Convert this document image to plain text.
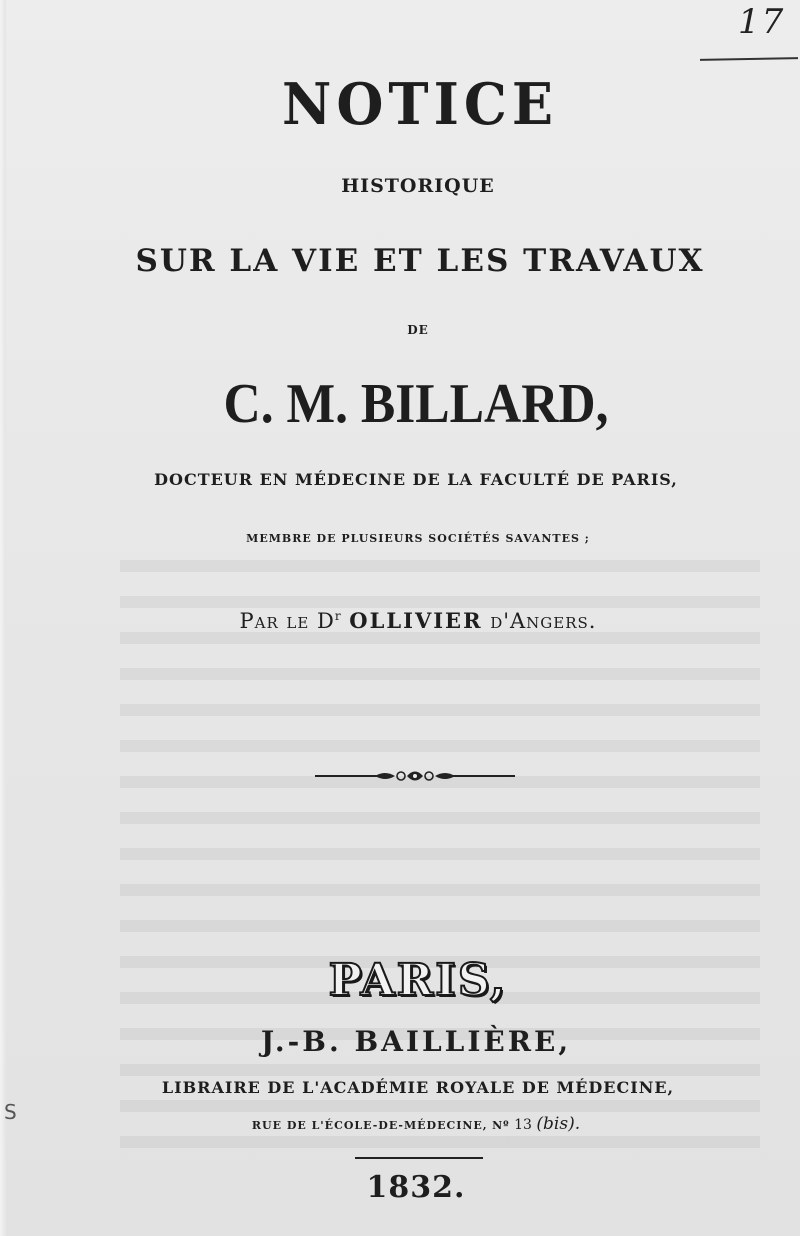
17
NOTICE
HISTORIQUE
SUR LA VIE ET LES TRAVAUX
DE
C. M. BILLARD,
DOCTEUR EN MÉDECINE DE LA FACULTÉ DE PARIS,
MEMBRE DE PLUSIEURS SOCIÉTÉS SAVANTES ;
Par le $D^r$ OLLIVIER d'Angers.
PARIS,
J.-B. BAILLIÈRE,
LIBRAIRE DE L'ACADÉMIE ROYALE DE MÉDECINE,
RUE DE L'ÉCOLE-DE-MÉDECINE, Nº 13 (bis).
1832.
S
